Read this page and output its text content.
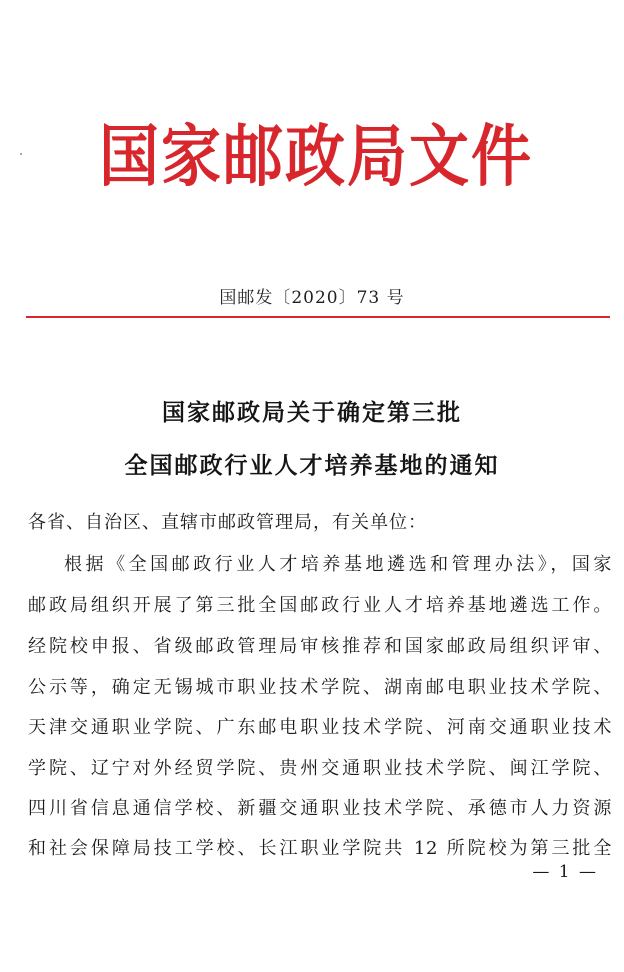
国家邮政局文件
国邮发〔2020〕73 号
国家邮政局关于确定第三批
全国邮政行业人才培养基地的通知
各省、自治区、直辖市邮政管理局，有关单位：
根据《全国邮政行业人才培养基地遴选和管理办法》，国家
邮政局组织开展了第三批全国邮政行业人才培养基地遴选工作。
经院校申报、省级邮政管理局审核推荐和国家邮政局组织评审、
公示等，确定无锡城市职业技术学院、湖南邮电职业技术学院、
天津交通职业学院、广东邮电职业技术学院、河南交通职业技术
学院、辽宁对外经贸学院、贵州交通职业技术学院、闽江学院、
四川省信息通信学校、新疆交通职业技术学院、承德市人力资源
和社会保障局技工学校、长江职业学院共 12 所院校为第三批全
— 1 —
